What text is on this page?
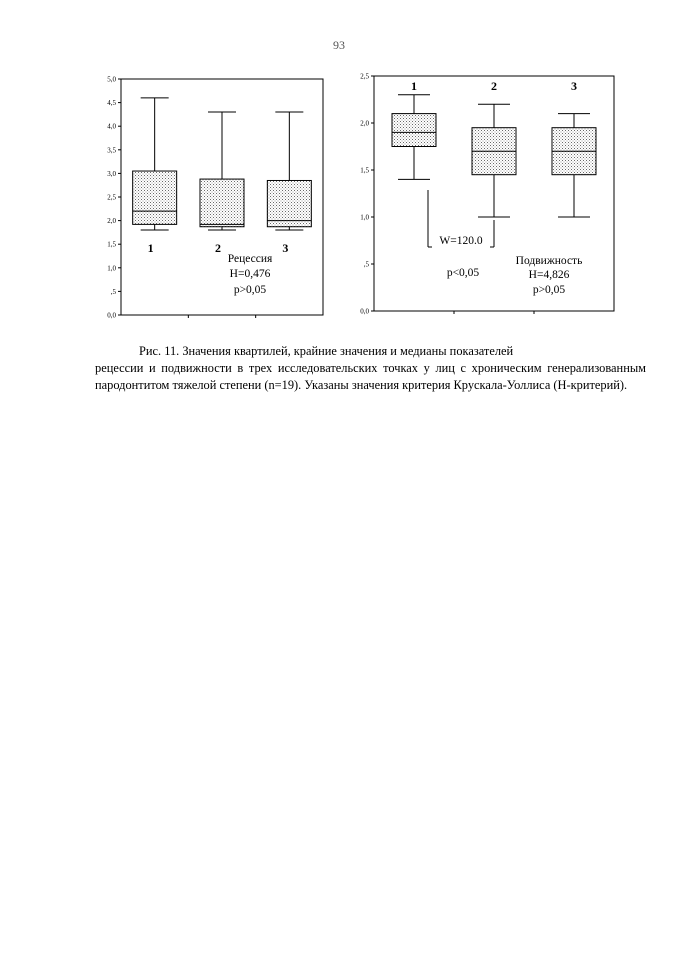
93
Рецессия
H=0,476
p>0,05
0,0
,5
1,0
1,5
2,0
2,5
3,0
3,5
4,0
4,5
5,0
1	2	3
W=120.0
p<0,05
Подвижность
H=4,826
p>0,05
0,0
,5
1,0
1,5
2,0
2,5
1	2	3
Рис. 11. Значения квартилей, крайние значения и медианы показателей
рецессии и подвижности в трех исследовательских точках у лиц с хроническим генерализованным пародонтитом тяжелой степени (n=19). Указаны значения критерия Крускала-Уоллиса (H-критерий).
